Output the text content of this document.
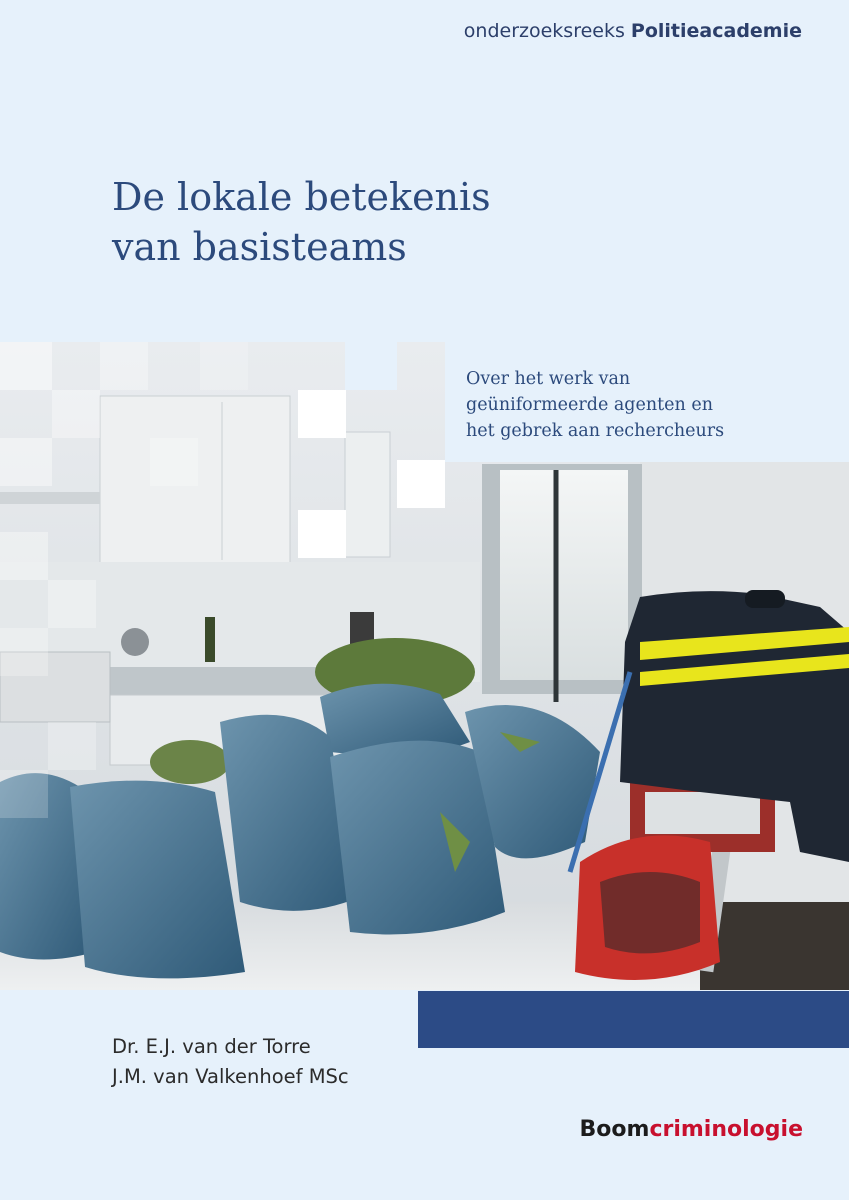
onderzoeksreeks Politieacademie
De lokale betekenis
van basisteams
Over het werk van
geüniformeerde agenten en
het gebrek aan rechercheurs
Dr. E.J. van der Torre
J.M. van Valkenhoef MSc
Boomcriminologie
